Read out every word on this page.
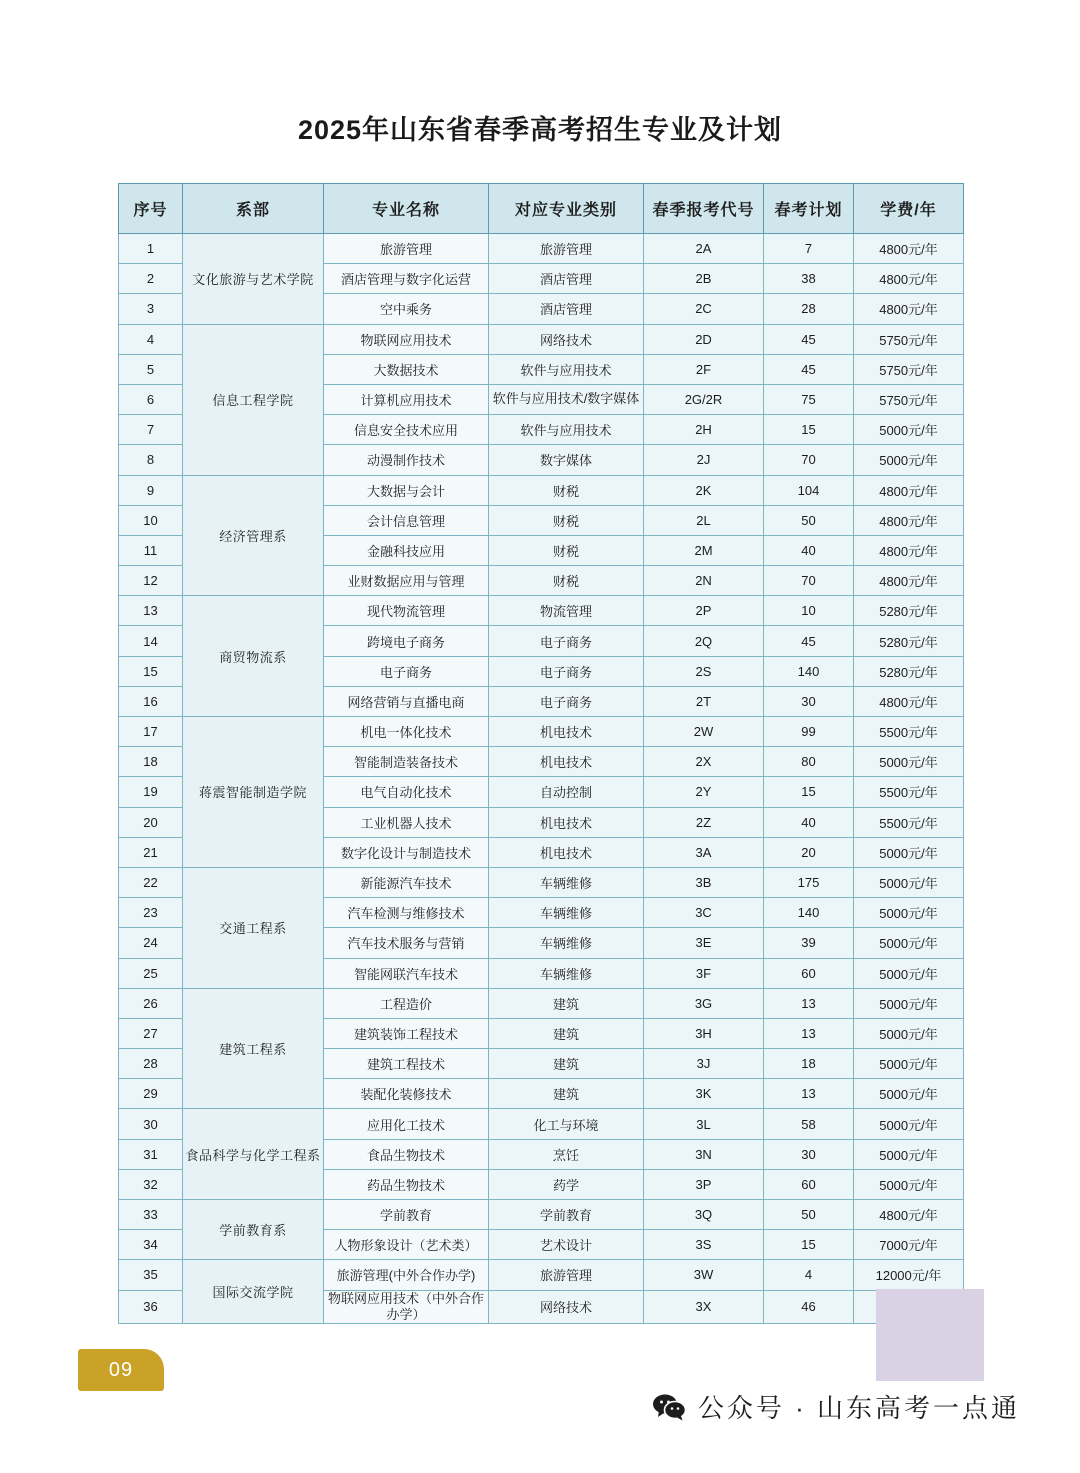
2025年山东省春季高考招生专业及计划
序号	系部	专业名称	对应专业类别	春季报考代号	春考计划	学费/年
1	文化旅游与艺术学院	旅游管理	旅游管理	2A	7	4800元/年
2		酒店管理与数字化运营	酒店管理	2B	38	4800元/年
3		空中乘务	酒店管理	2C	28	4800元/年
4	信息工程学院	物联网应用技术	网络技术	2D	45	5750元/年
5		大数据技术	软件与应用技术	2F	45	5750元/年
6		计算机应用技术	软件与应用技术/数字媒体	2G/2R	75	5750元/年
7		信息安全技术应用	软件与应用技术	2H	15	5000元/年
8		动漫制作技术	数字媒体	2J	70	5000元/年
9	经济管理系	大数据与会计	财税	2K	104	4800元/年
10		会计信息管理	财税	2L	50	4800元/年
11		金融科技应用	财税	2M	40	4800元/年
12		业财数据应用与管理	财税	2N	70	4800元/年
13	商贸物流系	现代物流管理	物流管理	2P	10	5280元/年
14		跨境电子商务	电子商务	2Q	45	5280元/年
15		电子商务	电子商务	2S	140	5280元/年
16		网络营销与直播电商	电子商务	2T	30	4800元/年
17	蒋震智能制造学院	机电一体化技术	机电技术	2W	99	5500元/年
18		智能制造装备技术	机电技术	2X	80	5000元/年
19		电气自动化技术	自动控制	2Y	15	5500元/年
20		工业机器人技术	机电技术	2Z	40	5500元/年
21		数字化设计与制造技术	机电技术	3A	20	5000元/年
22	交通工程系	新能源汽车技术	车辆维修	3B	175	5000元/年
23		汽车检测与维修技术	车辆维修	3C	140	5000元/年
24		汽车技术服务与营销	车辆维修	3E	39	5000元/年
25		智能网联汽车技术	车辆维修	3F	60	5000元/年
26	建筑工程系	工程造价	建筑	3G	13	5000元/年
27		建筑装饰工程技术	建筑	3H	13	5000元/年
28		建筑工程技术	建筑	3J	18	5000元/年
29		装配化装修技术	建筑	3K	13	5000元/年
30	食品科学与化学工程系	应用化工技术	化工与环境	3L	58	5000元/年
31		食品生物技术	烹饪	3N	30	5000元/年
32		药品生物技术	药学	3P	60	5000元/年
33	学前教育系	学前教育	学前教育	3Q	50	4800元/年
34		人物形象设计（艺术类）	艺术设计	3S	15	7000元/年
35	国际交流学院	旅游管理(中外合作办学)	旅游管理	3W	4	12000元/年
36		物联网应用技术（中外合作办学）	网络技术	3X	46	
09
公众号 · 山东高考一点通
